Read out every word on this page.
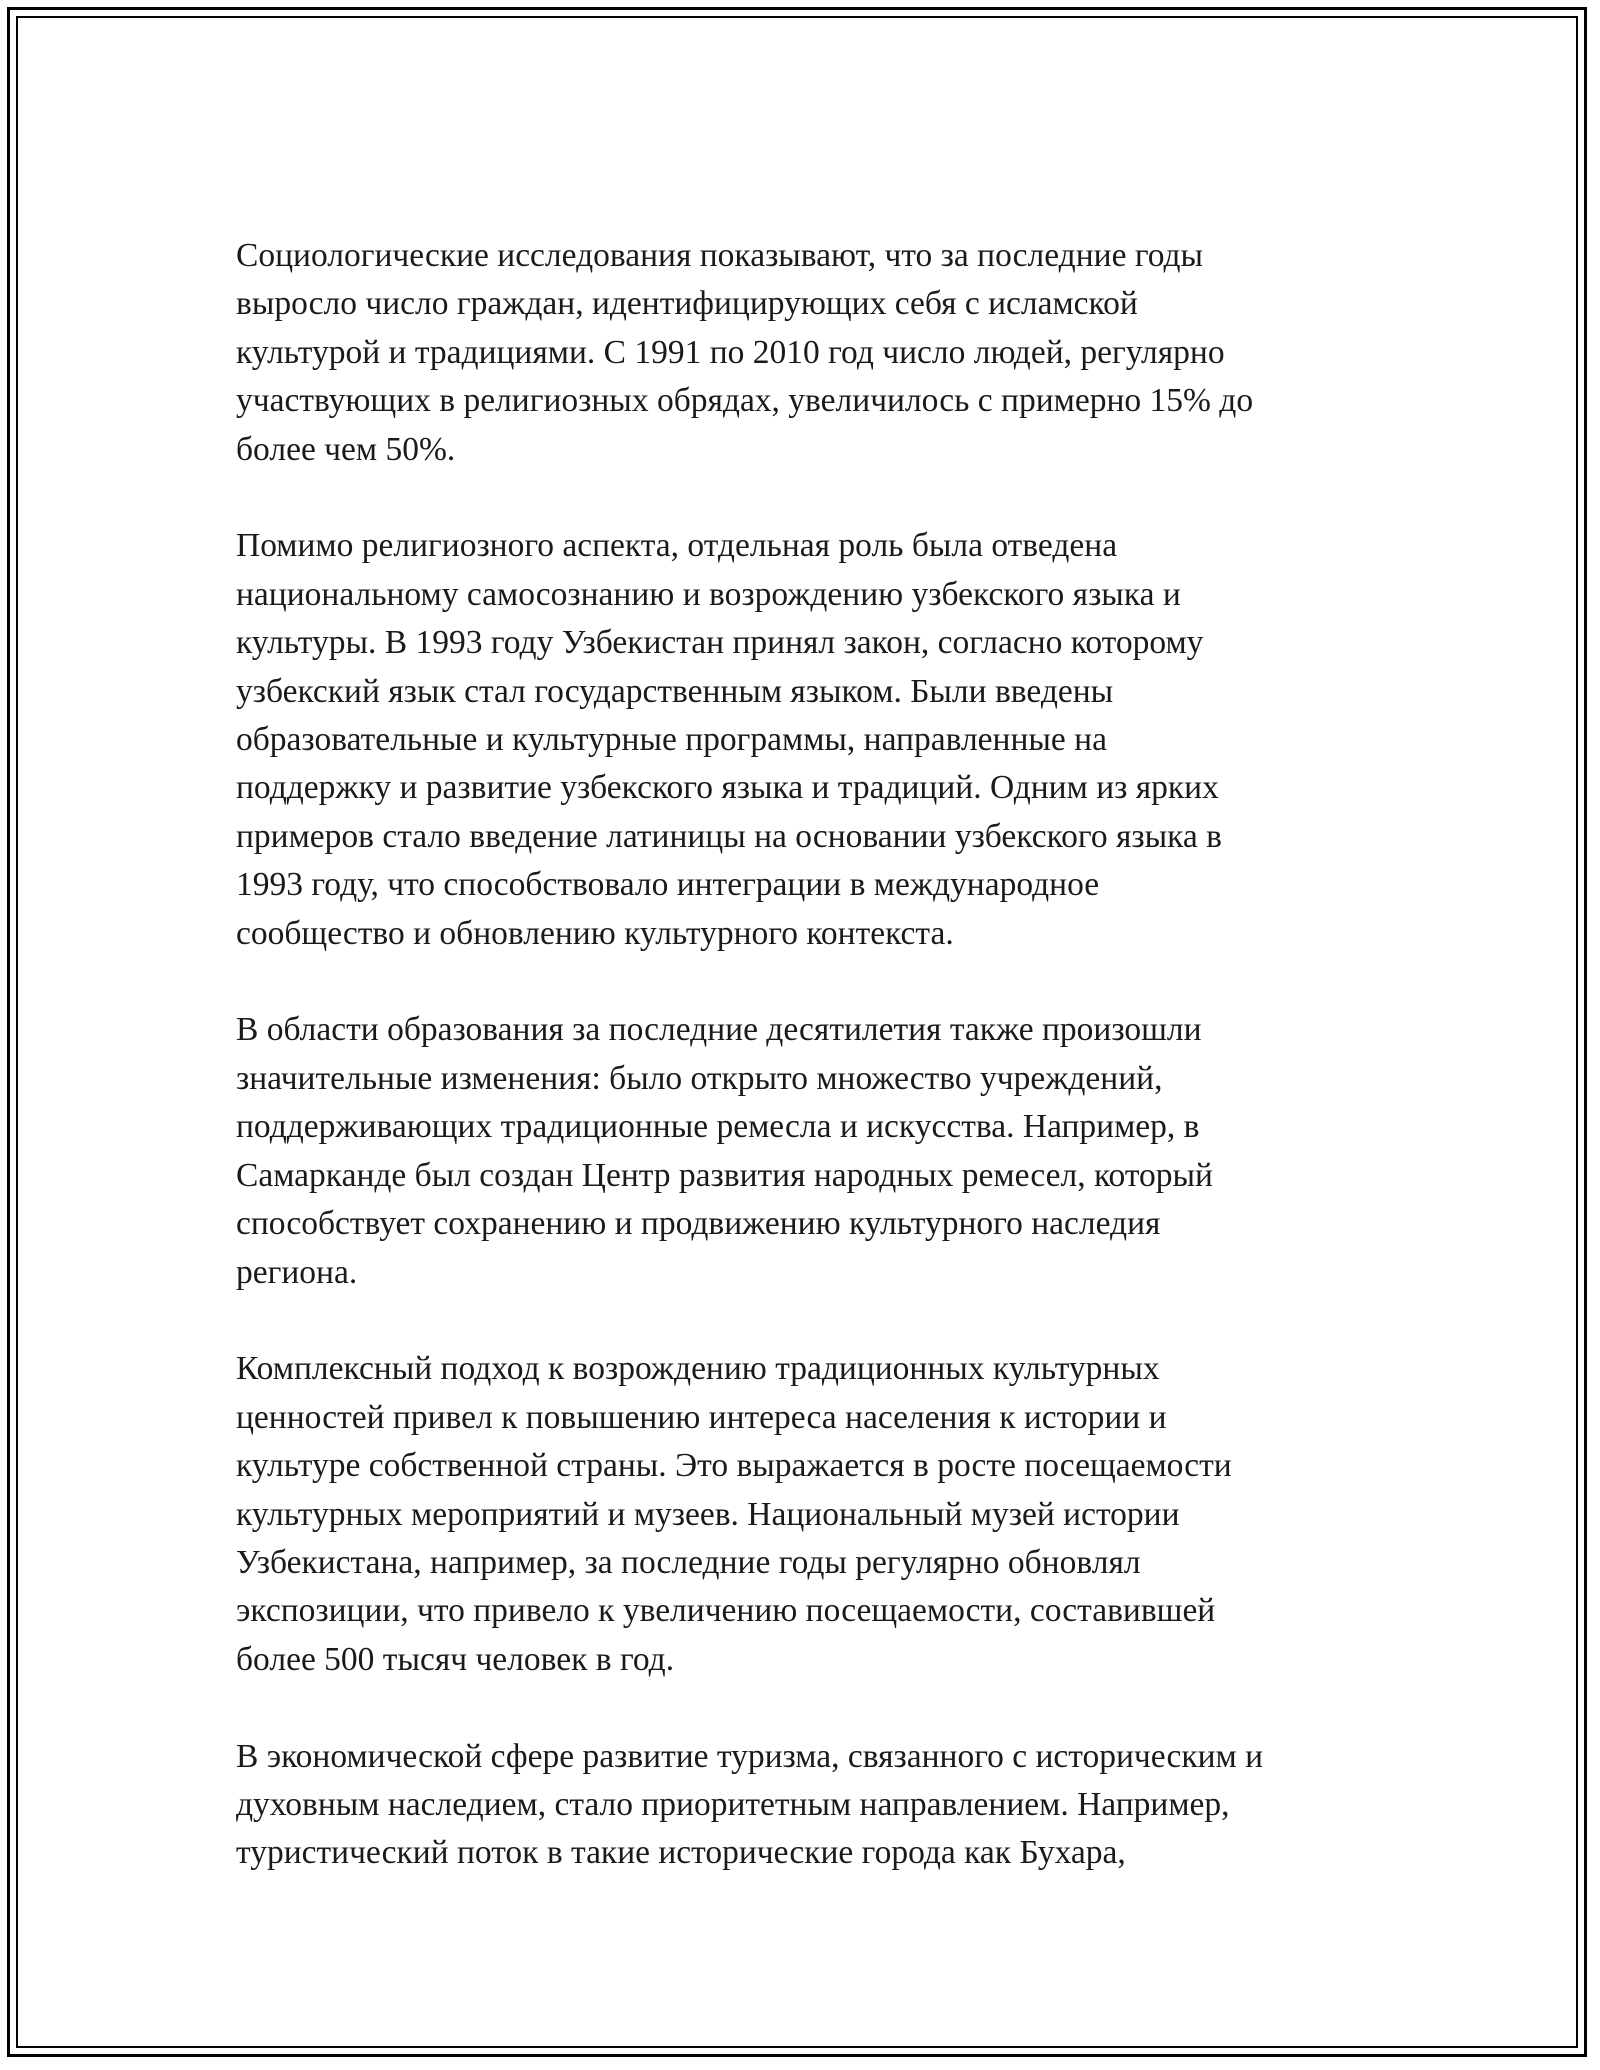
Социологические исследования показывают, что за последние годы
выросло число граждан, идентифицирующих себя с исламской
культурой и традициями. С 1991 по 2010 год число людей, регулярно
участвующих в религиозных обрядах, увеличилось с примерно 15% до
более чем 50%.

Помимо религиозного аспекта, отдельная роль была отведена
национальному самосознанию и возрождению узбекского языка и
культуры. В 1993 году Узбекистан принял закон, согласно которому
узбекский язык стал государственным языком. Были введены
образовательные и культурные программы, направленные на
поддержку и развитие узбекского языка и традиций. Одним из ярких
примеров стало введение латиницы на основании узбекского языка в
1993 году, что способствовало интеграции в международное
сообщество и обновлению культурного контекста.

В области образования за последние десятилетия также произошли
значительные изменения: было открыто множество учреждений,
поддерживающих традиционные ремесла и искусства. Например, в
Самарканде был создан Центр развития народных ремесел, который
способствует сохранению и продвижению культурного наследия
региона.

Комплексный подход к возрождению традиционных культурных
ценностей привел к повышению интереса населения к истории и
культуре собственной страны. Это выражается в росте посещаемости
культурных мероприятий и музеев. Национальный музей истории
Узбекистана, например, за последние годы регулярно обновлял
экспозиции, что привело к увеличению посещаемости, составившей
более 500 тысяч человек в год.

В экономической сфере развитие туризма, связанного с историческим и
духовным наследием, стало приоритетным направлением. Например,
туристический поток в такие исторические города как Бухара,
